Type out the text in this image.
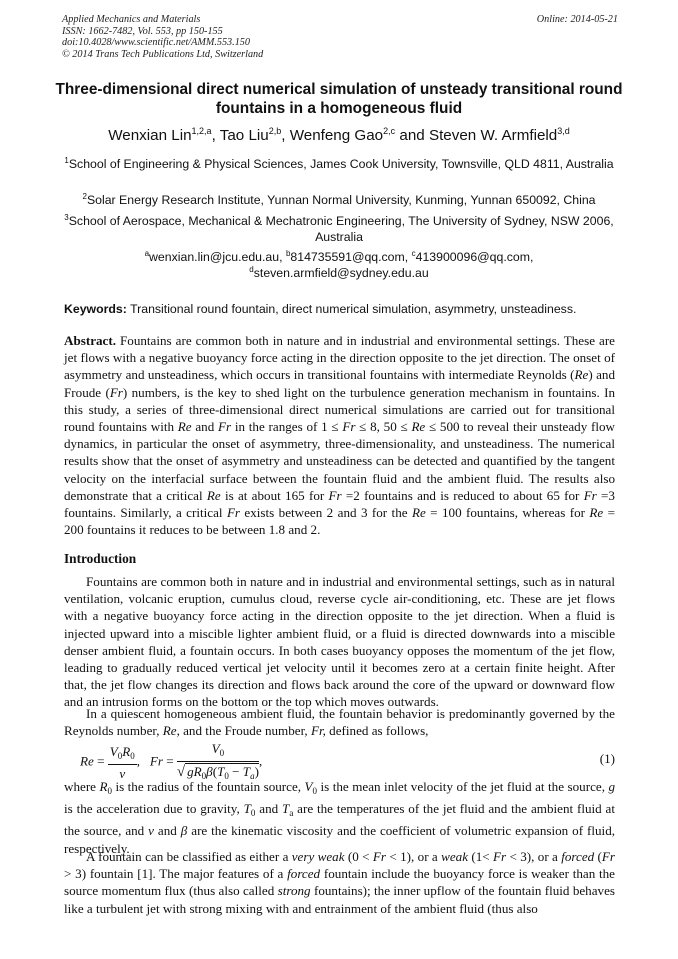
Applied Mechanics and Materials
ISSN: 1662-7482, Vol. 553, pp 150-155
doi:10.4028/www.scientific.net/AMM.553.150
© 2014 Trans Tech Publications Ltd, Switzerland
Online: 2014-05-21
Three-dimensional direct numerical simulation of unsteady transitional round fountains in a homogeneous fluid
Wenxian Lin$^{1,2,a}$, Tao Liu$^{2,b}$, Wenfeng Gao$^{2,c}$ and Steven W. Armfield$^{3,d}$
$^1$School of Engineering & Physical Sciences, James Cook University, Townsville, QLD 4811, Australia
$^2$Solar Energy Research Institute, Yunnan Normal University, Kunming, Yunnan 650092, China
$^3$School of Aerospace, Mechanical & Mechatronic Engineering, The University of Sydney, NSW 2006, Australia
$^a$wenxian.lin@jcu.edu.au, $^b$814735591@qq.com, $^c$413900096@qq.com,
$^d$steven.armfield@sydney.edu.au
Keywords: Transitional round fountain, direct numerical simulation, asymmetry, unsteadiness.
Abstract. Fountains are common both in nature and in industrial and environmental settings. These are jet flows with a negative buoyancy force acting in the direction opposite to the jet direction. The onset of asymmetry and unsteadiness, which occurs in transitional fountains with intermediate Reynolds (Re) and Froude (Fr) numbers, is the key to shed light on the turbulence generation mechanism in fountains. In this study, a series of three-dimensional direct numerical simulations are carried out for transitional round fountains with Re and Fr in the ranges of 1 ≤ Fr ≤ 8, 50 ≤ Re ≤ 500 to reveal their unsteady flow dynamics, in particular the onset of asymmetry, three-dimensionality, and unsteadiness. The numerical results show that the onset of asymmetry and unsteadiness can be detected and quantified by the tangent velocity on the interfacial surface between the fountain fluid and the ambient fluid. The results also demonstrate that a critical Re is at about 165 for Fr =2 fountains and is reduced to about 65 for Fr =3 fountains. Similarly, a critical Fr exists between 2 and 3 for the Re = 100 fountains, whereas for Re = 200 fountains it reduces to be between 1.8 and 2.
Introduction
Fountains are common both in nature and in industrial and environmental settings, such as in natural ventilation, volcanic eruption, cumulus cloud, reverse cycle air-conditioning, etc. These are jet flows with a negative buoyancy force acting in the direction opposite to the jet direction. When a fluid is injected upward into a miscible lighter ambient fluid, or a fluid is directed downwards into a miscible denser ambient fluid, a fountain occurs. In both cases buoyancy opposes the momentum of the jet flow, leading to gradually reduced vertical jet velocity until it becomes zero at a certain finite height. After that, the jet flow changes its direction and flows back around the core of the upward or downward flow and an intrusion forms on the bottom or the top which moves outwards.
In a quiescent homogeneous ambient fluid, the fountain behavior is predominantly governed by the Reynolds number, Re, and the Froude number, Fr, defined as follows,
$Re = \frac{V_0R_0}{\nu}$ ,   $Fr = \frac{V_0}{√ gR_0\beta(T_0 - T_a)}$ ,	(1)
where $R_0$ is the radius of the fountain source, $V_0$ is the mean inlet velocity of the jet fluid at the source, g is the acceleration due to gravity, $T_0$ and $T_a$ are the temperatures of the jet fluid and the ambient fluid at the source, and ν and β are the kinematic viscosity and the coefficient of volumetric expansion of fluid, respectively.
A fountain can be classified as either a very weak (0 < Fr < 1), or a weak (1< Fr < 3), or a forced (Fr > 3) fountain [1]. The major features of a forced fountain include the buoyancy force is weaker than the source momentum flux (thus also called strong fountains); the inner upflow of the fountain fluid behaves like a turbulent jet with strong mixing with and entrainment of the ambient fluid (thus also
